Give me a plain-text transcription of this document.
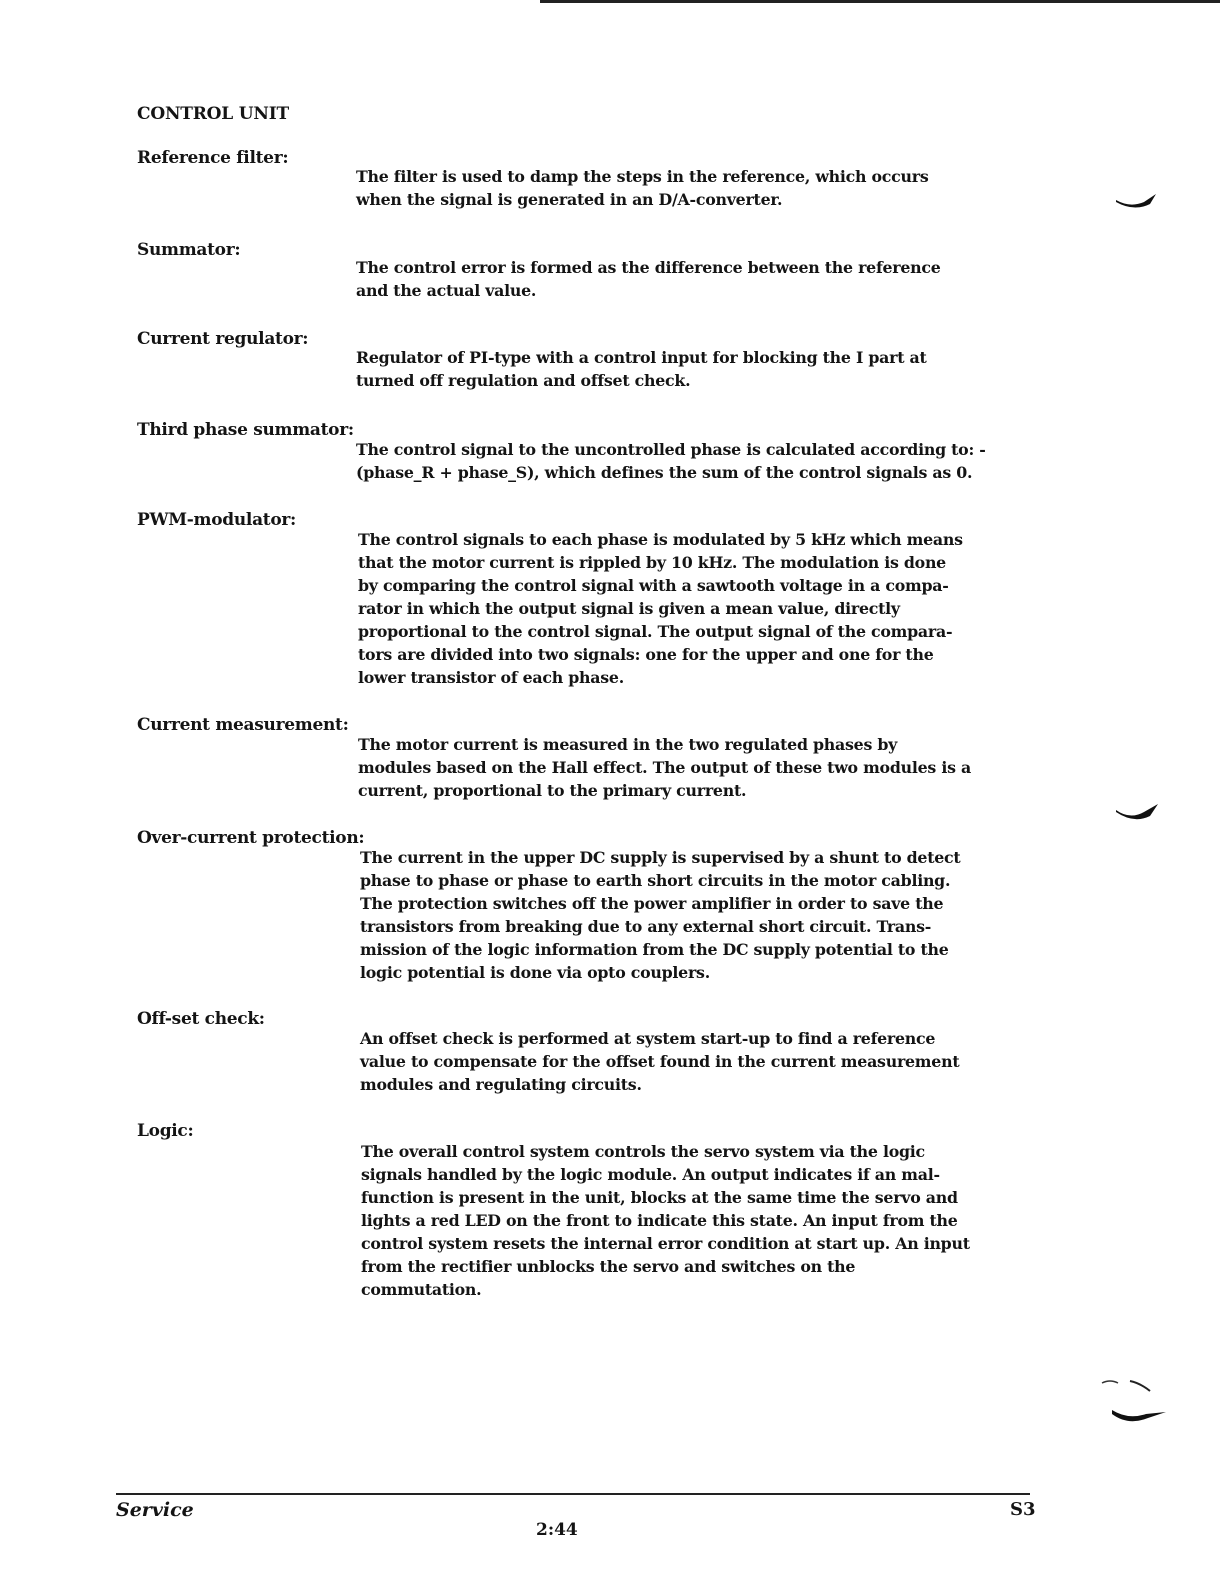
CONTROL UNIT
Reference filter:
The filter is used to damp the steps in the reference, which occurs
when the signal is generated in an D/A-converter.
Summator:
The control error is formed as the difference between the reference
and the actual value.
Current regulator:
Regulator of PI-type with a control input for blocking the I part at
turned off regulation and offset check.
Third phase summator:
The control signal to the uncontrolled phase is calculated according to: -
(phase_R + phase_S), which defines the sum of the control signals as 0.
PWM-modulator:
The control signals to each phase is modulated by 5 kHz which means
that the motor current is rippled by 10 kHz. The modulation is done
by comparing the control signal with a sawtooth voltage in a compa-
rator in which the output signal is given a mean value, directly
proportional to the control signal. The output signal of the compara-
tors are divided into two signals: one for the upper and one for the
lower transistor of each phase.
Current measurement:
The motor current is measured in the two regulated phases by
modules based on the Hall effect. The output of these two modules is a
current, proportional to the primary current.
Over-current protection:
The current in the upper DC supply is supervised by a shunt to detect
phase to phase or phase to earth short circuits in the motor cabling.
The protection switches off the power amplifier in order to save the
transistors from breaking due to any external short circuit. Trans-
mission of the logic information from the DC supply potential to the
logic potential is done via opto couplers.
Off-set check:
An offset check is performed at system start-up to find a reference
value to compensate for the offset found in the current measurement
modules and regulating circuits.
Logic:
The overall control system controls the servo system via the logic
signals handled by the logic module. An output indicates if an mal-
function is present in the unit, blocks at the same time the servo and
lights a red LED on the front to indicate this state. An input from the
control system resets the internal error condition at start up. An input
from the rectifier unblocks the servo and switches on the
commutation.
Service	S3
2:44
